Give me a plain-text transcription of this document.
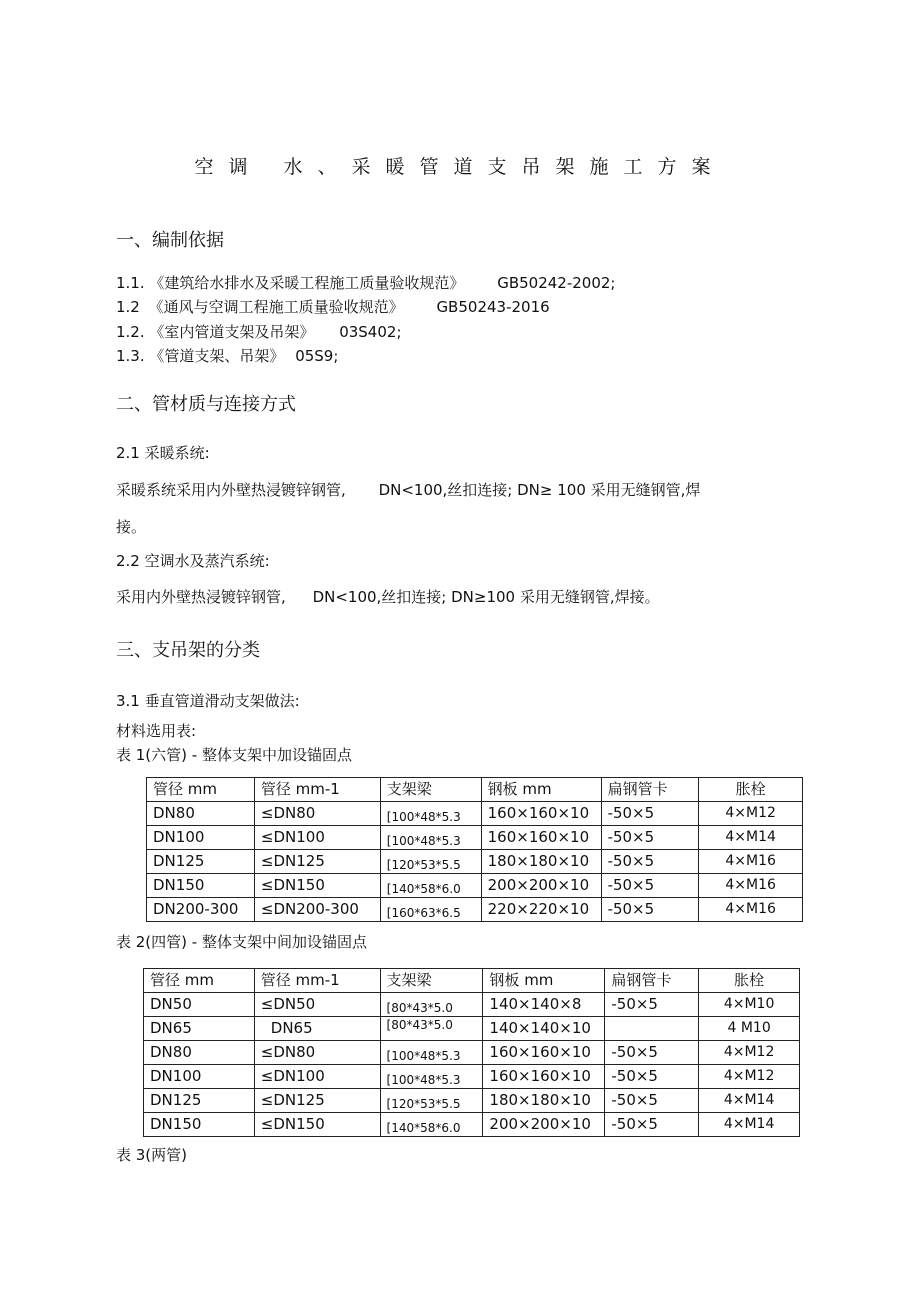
空调 水、采暖管道支吊架施工方案
一、编制依据
1.1. 《建筑给水排水及采暖工程施工质量验收规范》 GB50242-2002;
1.2 《通风与空调工程施工质量验收规范》 GB50243-2016
1.2. 《室内管道支架及吊架》 03S402;
1.3. 《管道支架、吊架》 05S9;
二、管材质与连接方式
2.1 采暖系统:
采暖系统采用内外壁热浸镀锌钢管, DN<100,丝扣连接; DN≥ 100 采用无缝钢管,焊
接。
2.2 空调水及蒸汽系统:
采用内外壁热浸镀锌钢管, DN<100,丝扣连接; DN≥100 采用无缝钢管,焊接。
三、支吊架的分类
3.1 垂直管道滑动支架做法:
材料选用表:
表 1(六管) - 整体支架中加设锚固点
管径 mm	管径 mm-1	支架梁	钢板 mm	扁钢管卡	胀栓
DN80	≤DN80	[100*48*5.3	160×160×10	-50×5	4×M12
DN100	≤DN100	[100*48*5.3	160×160×10	-50×5	4×M14
DN125	≤DN125	[120*53*5.5	180×180×10	-50×5	4×M16
DN150	≤DN150	[140*58*6.0	200×200×10	-50×5	4×M16
DN200-300	≤DN200-300	[160*63*6.5	220×220×10	-50×5	4×M16
表 2(四管) - 整体支架中间加设锚固点
管径 mm	管径 mm-1	支架梁	钢板 mm	扁钢管卡	胀栓
DN50	≤DN50	[80*43*5.0	140×140×8	-50×5	4×M10
DN65	DN65	[80*43*5.0	140×140×10		4 M10
DN80	≤DN80	[100*48*5.3	160×160×10	-50×5	4×M12
DN100	≤DN100	[100*48*5.3	160×160×10	-50×5	4×M12
DN125	≤DN125	[120*53*5.5	180×180×10	-50×5	4×M14
DN150	≤DN150	[140*58*6.0	200×200×10	-50×5	4×M14
表 3(两管)
